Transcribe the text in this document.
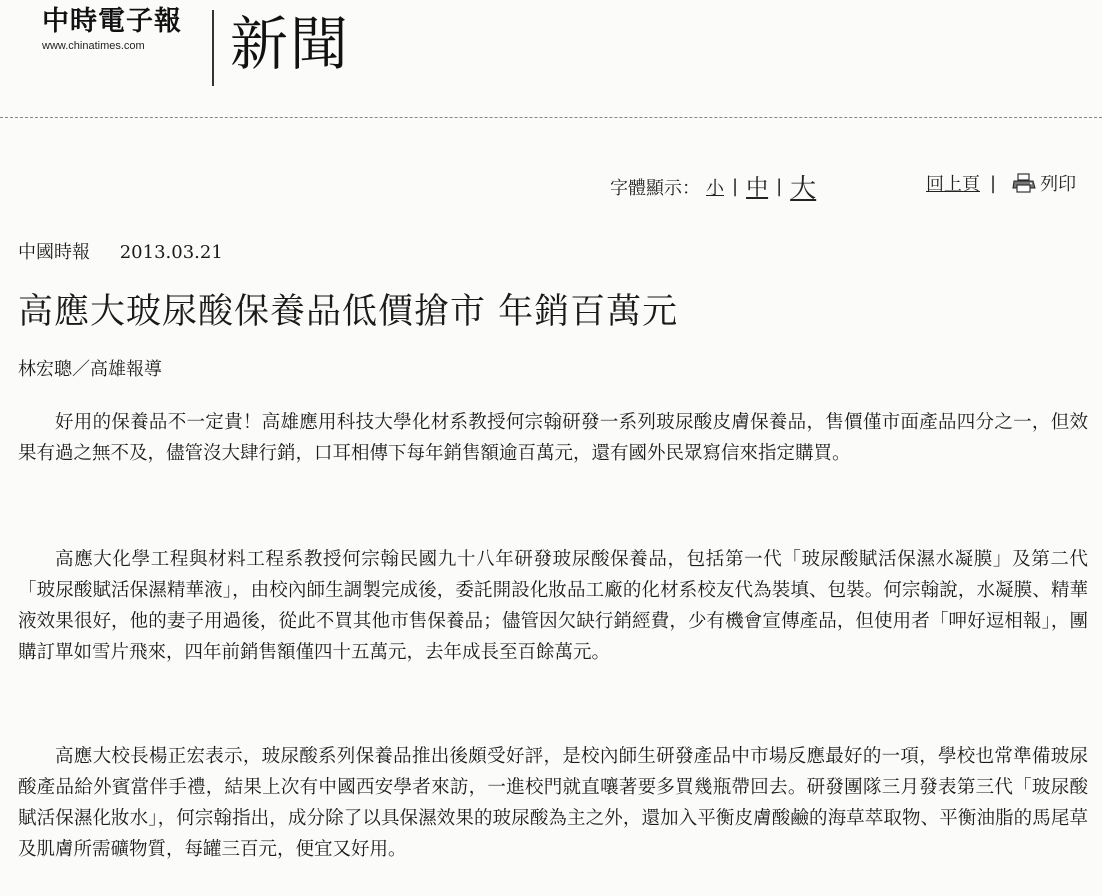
中時電子報
www.chinatimes.com	新聞
字體顯示： 小 | 中 | 大	回上頁 | 列印
中國時報 2013.03.21
高應大玻尿酸保養品低價搶市 年銷百萬元
林宏聰／高雄報導

好用的保養品不一定貴！高雄應用科技大學化材系教授何宗翰研發一系列玻尿酸皮膚保養品，售價僅市面產品四分之一，但效果有過之無不及，儘管沒大肆行銷，口耳相傳下每年銷售額逾百萬元，還有國外民眾寫信來指定購買。

高應大化學工程與材料工程系教授何宗翰民國九十八年研發玻尿酸保養品，包括第一代「玻尿酸賦活保濕水凝膜」及第二代「玻尿酸賦活保濕精華液」，由校內師生調製完成後，委託開設化妝品工廠的化材系校友代為裝填、包裝。何宗翰說，水凝膜、精華液效果很好，他的妻子用過後，從此不買其他市售保養品；儘管因欠缺行銷經費，少有機會宣傳產品，但使用者「呷好逗相報」，團購訂單如雪片飛來，四年前銷售額僅四十五萬元，去年成長至百餘萬元。

高應大校長楊正宏表示，玻尿酸系列保養品推出後頗受好評，是校內師生研發產品中市場反應最好的一項，學校也常準備玻尿酸產品給外賓當伴手禮，結果上次有中國西安學者來訪，一進校門就直嚷著要多買幾瓶帶回去。研發團隊三月發表第三代「玻尿酸賦活保濕化妝水」，何宗翰指出，成分除了以具保濕效果的玻尿酸為主之外，還加入平衡皮膚酸鹼的海草萃取物、平衡油脂的馬尾草及肌膚所需礦物質，每罐三百元，便宜又好用。
